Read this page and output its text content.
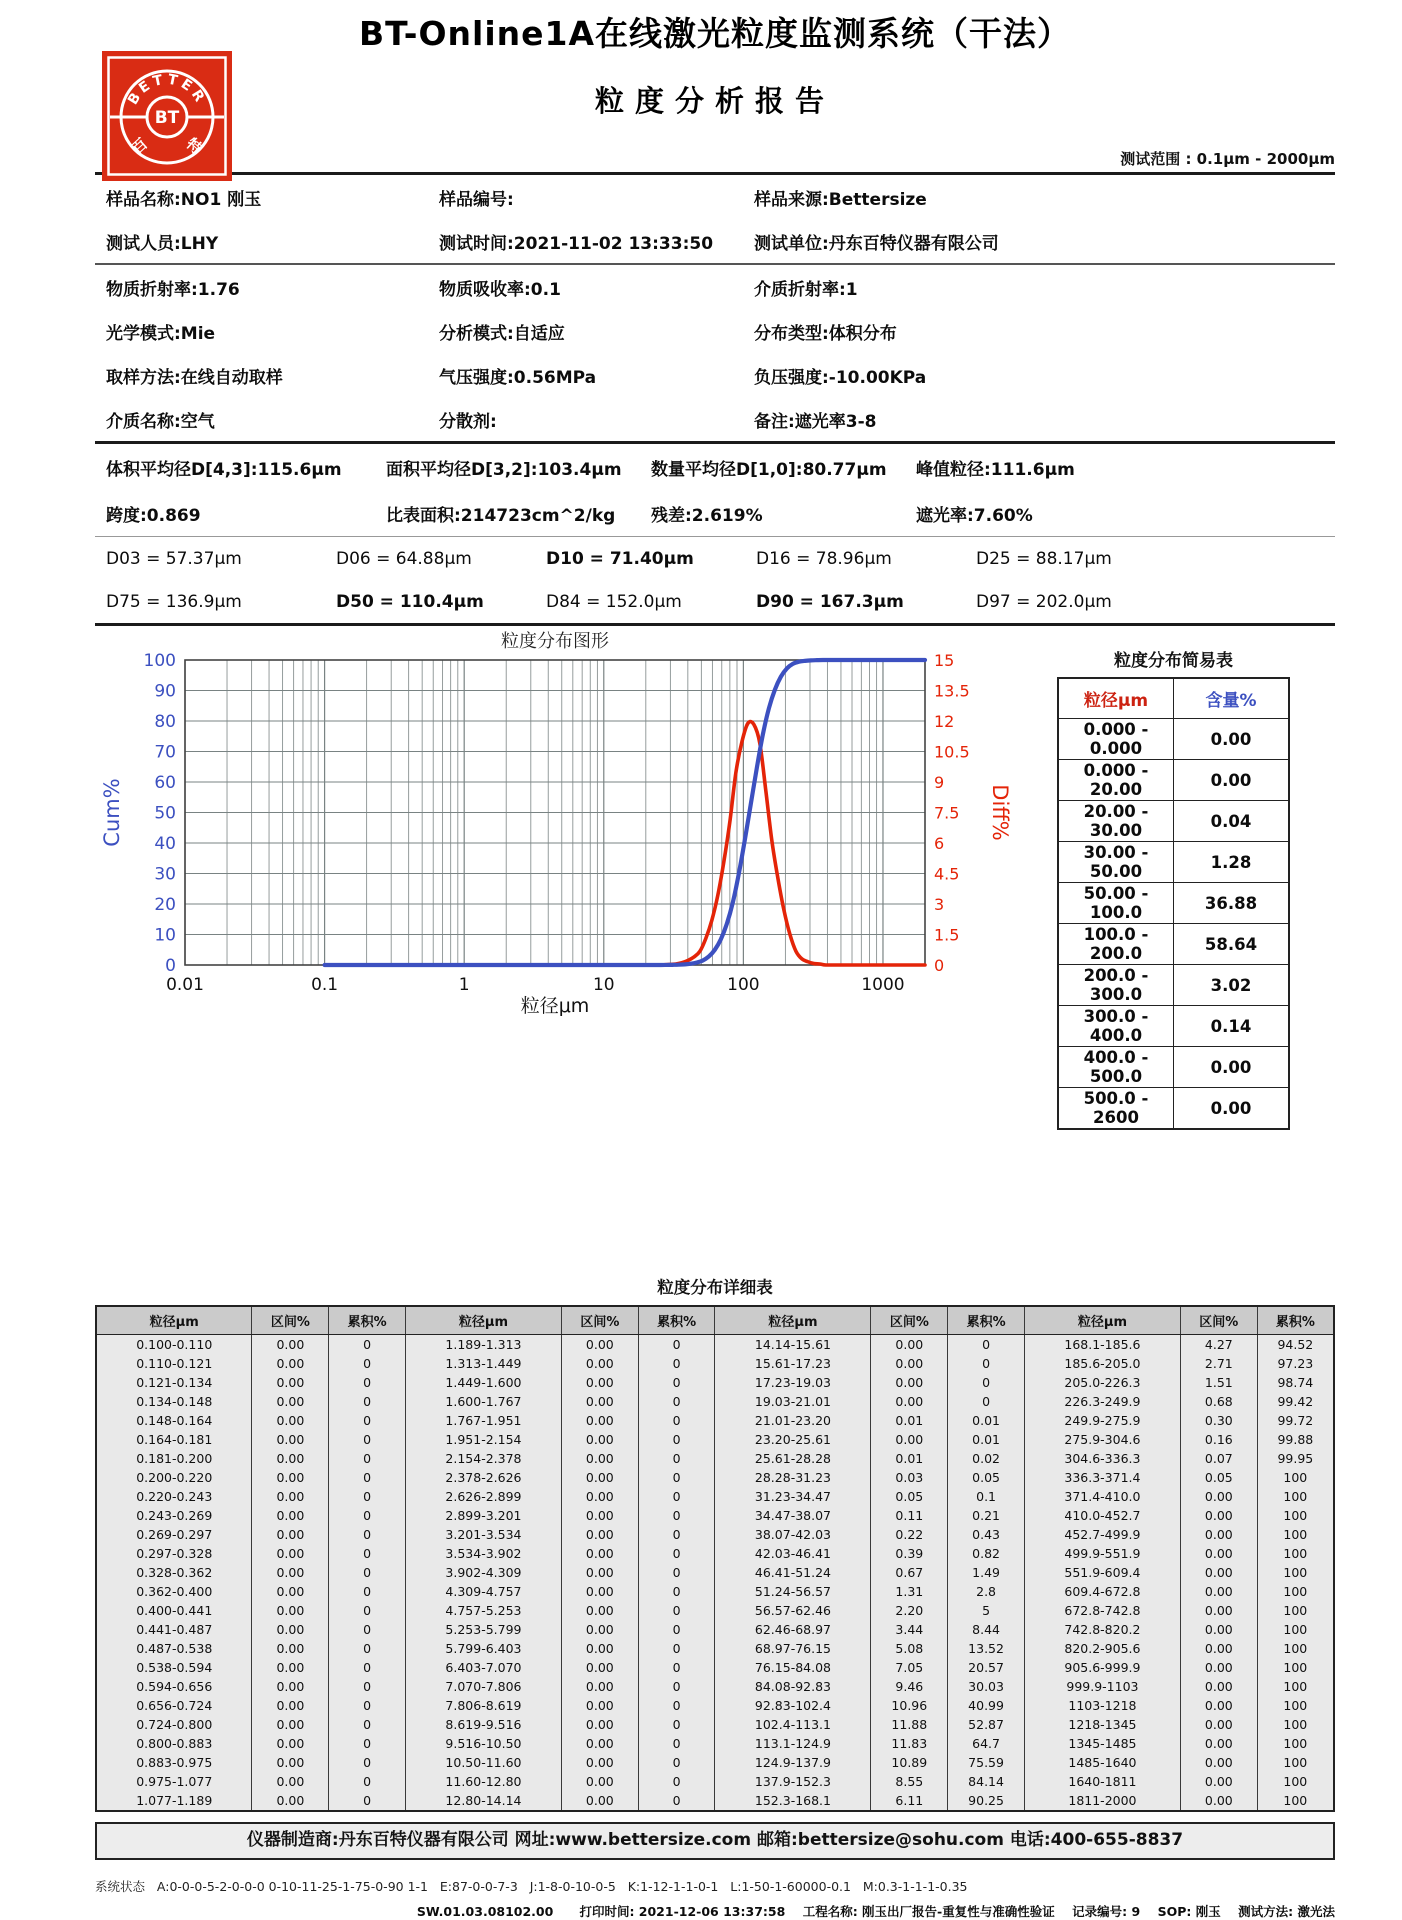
BETTER
BT
百 特
BT-Online1A在线激光粒度监测系统（干法）
粒度分析报告
测试范围 : 0.1μm - 2000μm
样品名称:NO1 刚玉	样品编号:	样品来源:Bettersize
测试人员:LHY	测试时间:2021-11-02 13:33:50	测试单位:丹东百特仪器有限公司
物质折射率:1.76	物质吸收率:0.1	介质折射率:1
光学模式:Mie	分析模式:自适应	分布类型:体积分布
取样方法:在线自动取样	气压强度:0.56MPa	负压强度:-10.00KPa
介质名称:空气	分散剂:	备注:遮光率3-8
体积平均径D[4,3]:115.6μm	面积平均径D[3,2]:103.4μm	数量平均径D[1,0]:80.77μm	峰值粒径:111.6μm
跨度:0.869	比表面积:214723cm^2/kg	残差:2.619%	遮光率:7.60%
D03 = 57.37μm	D06 = 64.88μm	D10 = 71.40μm	D16 = 78.96μm	D25 = 88.17μm
D75 = 136.9μm	D50 = 110.4μm	D84 = 152.0μm	D90 = 167.3μm	D97 = 202.0μm
0
10
20
30
40
50
60
70
80
90
100
0
1.5
3
4.5
6
7.5
9
10.5
12
13.5
15
0.01	0.1	1	10	100	1000
粒度分布图形
粒径μm
Cum%	Diff%
粒度分布简易表
粒径μm	含量%
0.000 - 0.000	0.00
0.000 - 20.00	0.00
20.00 - 30.00	0.04
30.00 - 50.00	1.28
50.00 - 100.0	36.88
100.0 - 200.0	58.64
200.0 - 300.0	3.02
300.0 - 400.0	0.14
400.0 - 500.0	0.00
500.0 - 2600	0.00
粒度分布详细表
粒径μm	区间%	累积%	粒径μm	区间%	累积%	粒径μm	区间%	累积%	粒径μm	区间%	累积%
0.100-0.110	0.00	0	1.189-1.313	0.00	0	14.14-15.61	0.00	0	168.1-185.6	4.27	94.52
0.110-0.121	0.00	0	1.313-1.449	0.00	0	15.61-17.23	0.00	0	185.6-205.0	2.71	97.23
0.121-0.134	0.00	0	1.449-1.600	0.00	0	17.23-19.03	0.00	0	205.0-226.3	1.51	98.74
0.134-0.148	0.00	0	1.600-1.767	0.00	0	19.03-21.01	0.00	0	226.3-249.9	0.68	99.42
0.148-0.164	0.00	0	1.767-1.951	0.00	0	21.01-23.20	0.01	0.01	249.9-275.9	0.30	99.72
0.164-0.181	0.00	0	1.951-2.154	0.00	0	23.20-25.61	0.00	0.01	275.9-304.6	0.16	99.88
0.181-0.200	0.00	0	2.154-2.378	0.00	0	25.61-28.28	0.01	0.02	304.6-336.3	0.07	99.95
0.200-0.220	0.00	0	2.378-2.626	0.00	0	28.28-31.23	0.03	0.05	336.3-371.4	0.05	100
0.220-0.243	0.00	0	2.626-2.899	0.00	0	31.23-34.47	0.05	0.1	371.4-410.0	0.00	100
0.243-0.269	0.00	0	2.899-3.201	0.00	0	34.47-38.07	0.11	0.21	410.0-452.7	0.00	100
0.269-0.297	0.00	0	3.201-3.534	0.00	0	38.07-42.03	0.22	0.43	452.7-499.9	0.00	100
0.297-0.328	0.00	0	3.534-3.902	0.00	0	42.03-46.41	0.39	0.82	499.9-551.9	0.00	100
0.328-0.362	0.00	0	3.902-4.309	0.00	0	46.41-51.24	0.67	1.49	551.9-609.4	0.00	100
0.362-0.400	0.00	0	4.309-4.757	0.00	0	51.24-56.57	1.31	2.8	609.4-672.8	0.00	100
0.400-0.441	0.00	0	4.757-5.253	0.00	0	56.57-62.46	2.20	5	672.8-742.8	0.00	100
0.441-0.487	0.00	0	5.253-5.799	0.00	0	62.46-68.97	3.44	8.44	742.8-820.2	0.00	100
0.487-0.538	0.00	0	5.799-6.403	0.00	0	68.97-76.15	5.08	13.52	820.2-905.6	0.00	100
0.538-0.594	0.00	0	6.403-7.070	0.00	0	76.15-84.08	7.05	20.57	905.6-999.9	0.00	100
0.594-0.656	0.00	0	7.070-7.806	0.00	0	84.08-92.83	9.46	30.03	999.9-1103	0.00	100
0.656-0.724	0.00	0	7.806-8.619	0.00	0	92.83-102.4	10.96	40.99	1103-1218	0.00	100
0.724-0.800	0.00	0	8.619-9.516	0.00	0	102.4-113.1	11.88	52.87	1218-1345	0.00	100
0.800-0.883	0.00	0	9.516-10.50	0.00	0	113.1-124.9	11.83	64.7	1345-1485	0.00	100
0.883-0.975	0.00	0	10.50-11.60	0.00	0	124.9-137.9	10.89	75.59	1485-1640	0.00	100
0.975-1.077	0.00	0	11.60-12.80	0.00	0	137.9-152.3	8.55	84.14	1640-1811	0.00	100
1.077-1.189	0.00	0	12.80-14.14	0.00	0	152.3-168.1	6.11	90.25	1811-2000	0.00	100
仪器制造商:丹东百特仪器有限公司 网址:www.bettersize.com 邮箱:bettersize@sohu.com 电话:400-655-8837
系统状态   A:0-0-0-5-2-0-0-0 0-10-11-25-1-75-0-90 1-1   E:87-0-0-7-3   J:1-8-0-10-0-5   K:1-12-1-1-0-1   L:1-50-1-60000-0.1   M:0.3-1-1-1-0.35
SW.01.03.08102.00      打印时间: 2021-12-06 13:37:58    工程名称: 刚玉出厂报告-重复性与准确性验证    记录编号: 9    SOP: 刚玉    测试方法: 激光法
